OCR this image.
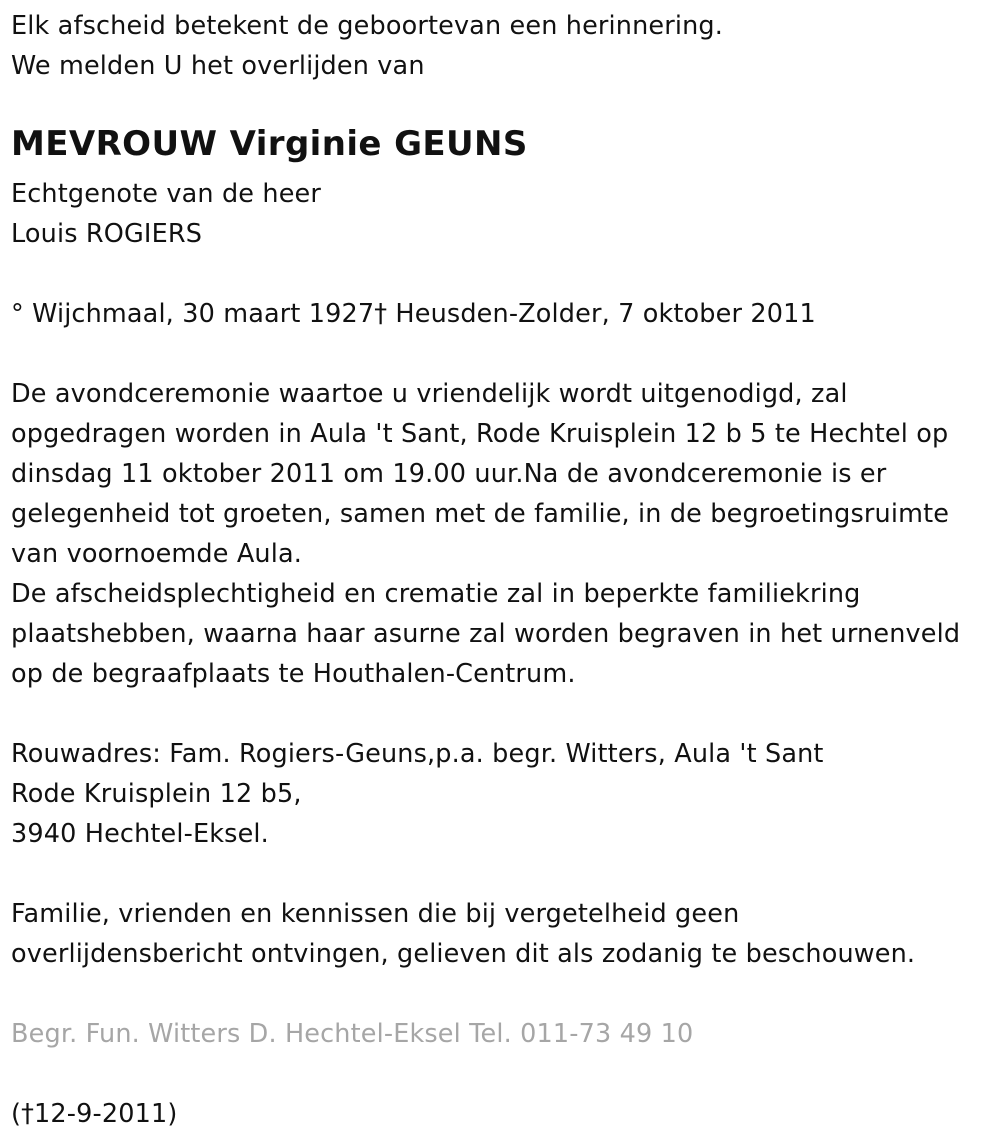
Elk afscheid betekent de geboortevan een herinnering.
We melden U het overlijden van
MEVROUW Virginie GEUNS
Echtgenote van de heer
Louis ROGIERS
° Wijchmaal, 30 maart 1927† Heusden-Zolder, 7 oktober 2011
De avondceremonie waartoe u vriendelijk wordt uitgenodigd, zal
opgedragen worden in Aula 't Sant, Rode Kruisplein 12 b 5 te Hechtel op
dinsdag 11 oktober 2011 om 19.00 uur.Na de avondceremonie is er
gelegenheid tot groeten, samen met de familie, in de begroetingsruimte
van voornoemde Aula.
De afscheidsplechtigheid en crematie zal in beperkte familiekring
plaatshebben, waarna haar asurne zal worden begraven in het urnenveld
op de begraafplaats te Houthalen-Centrum.
Rouwadres: Fam. Rogiers-Geuns,p.a. begr. Witters, Aula 't Sant
Rode Kruisplein 12 b5,
3940 Hechtel-Eksel.
Familie, vrienden en kennissen die bij vergetelheid geen
overlijdensbericht ontvingen, gelieven dit als zodanig te beschouwen.
Begr. Fun. Witters D. Hechtel-Eksel Tel. 011-73 49 10
(†12-9-2011)
